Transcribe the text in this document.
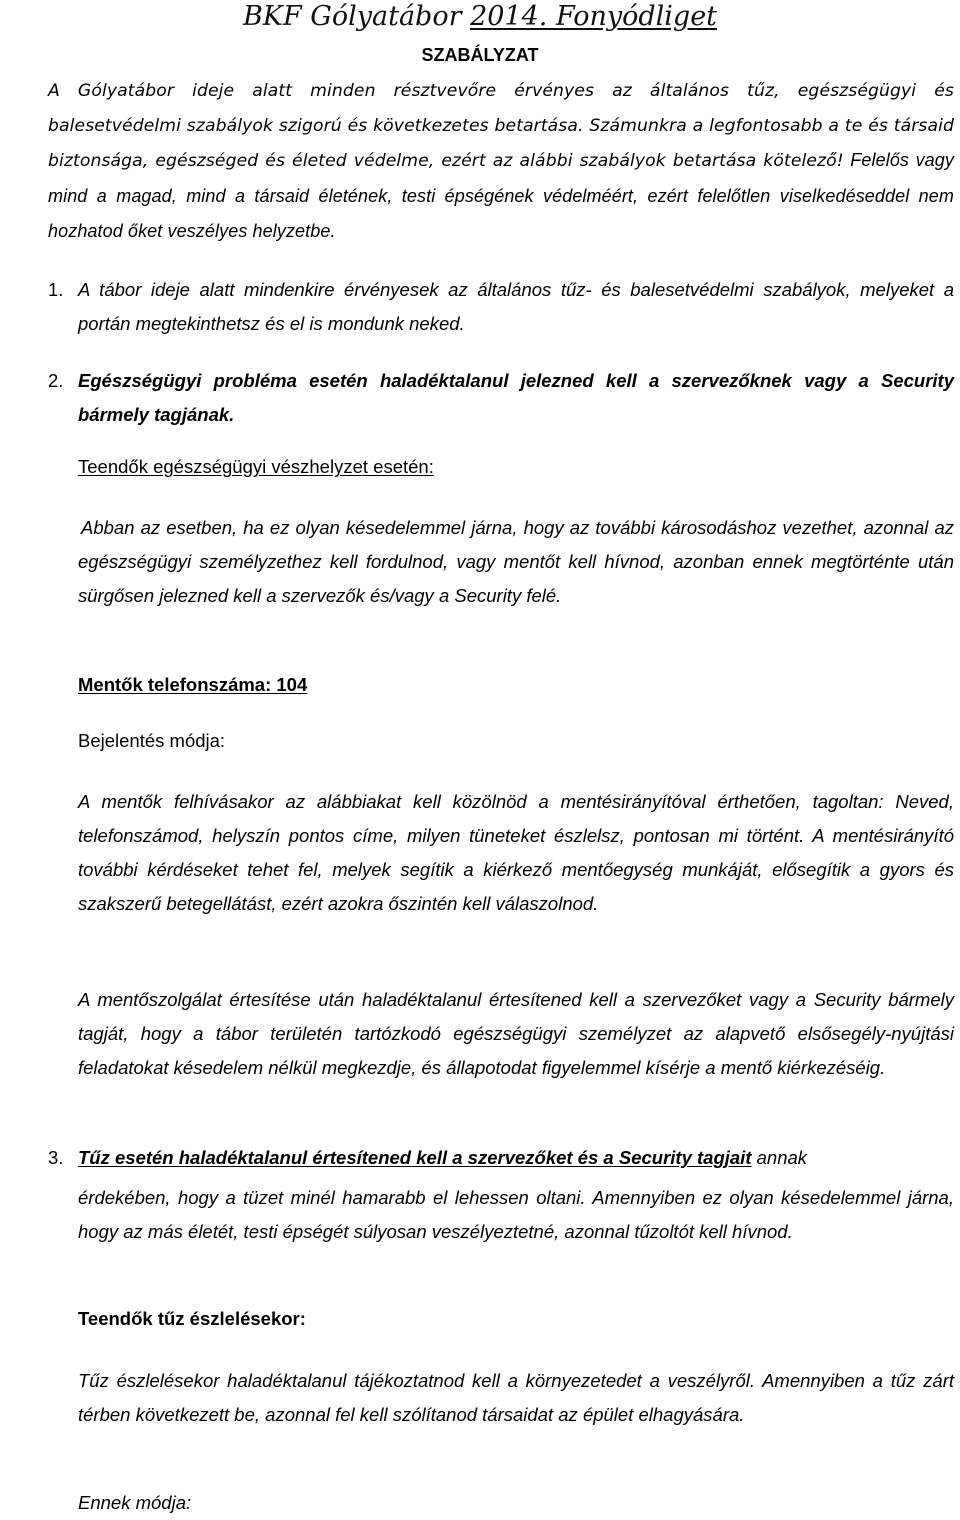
BKF Gólyatábor 2014. Fonyódliget
SZABÁLYZAT
A Gólyatábor ideje alatt minden résztvevőre érvényes az általános tűz, egészségügyi és balesetvédelmi szabályok szigorú és következetes betartása. Számunkra a legfontosabb a te és társaid biztonsága, egészséged és életed védelme, ezért az alábbi szabályok betartása kötelező! Felelős vagy mind a magad, mind a társaid életének, testi épségének védelméért, ezért felelőtlen viselkedéseddel nem hozhatod őket veszélyes helyzetbe.
1. A tábor ideje alatt mindenkire érvényesek az általános tűz- és balesetvédelmi szabályok, melyeket a portán megtekinthetsz és el is mondunk neked.
2. Egészségügyi probléma esetén haladéktalanul jelezned kell a szervezőknek vagy a Security bármely tagjának.
Teendők egészségügyi vészhelyzet esetén:
Abban az esetben, ha ez olyan késedelemmel járna, hogy az további károsodáshoz vezethet, azonnal az egészségügyi személyzethez kell fordulnod, vagy mentőt kell hívnod, azonban ennek megtörténte után sürgősen jelezned kell a szervezők és/vagy a Security felé.
Mentők telefonszáma: 104
Bejelentés módja:
A mentők felhívásakor az alábbiakat kell közölnöd a mentésirányítóval érthetően, tagoltan: Neved, telefonszámod, helyszín pontos címe, milyen tüneteket észlelsz, pontosan mi történt. A mentésirányító további kérdéseket tehet fel, melyek segítik a kiérkező mentőegység munkáját, elősegítik a gyors és szakszerű betegellátást, ezért azokra őszintén kell válaszolnod.
A mentőszolgálat értesítése után haladéktalanul értesítened kell a szervezőket vagy a Security bármely tagját, hogy a tábor területén tartózkodó egészségügyi személyzet az alapvető elsősegély-nyújtási feladatokat késedelem nélkül megkezdje, és állapotodat figyelemmel kísérje a mentő kiérkezéséig.
3. Tűz esetén haladéktalanul értesítened kell a szervezőket és a Security tagjait annak
érdekében, hogy a tüzet minél hamarabb el lehessen oltani. Amennyiben ez olyan késedelemmel járna, hogy az más életét, testi épségét súlyosan veszélyeztetné, azonnal tűzoltót kell hívnod.
Teendők tűz észlelésekor:
Tűz észlelésekor haladéktalanul tájékoztatnod kell a környezetedet a veszélyről. Amennyiben a tűz zárt térben következett be, azonnal fel kell szólítanod társaidat az épület elhagyására.
Ennek módja:
